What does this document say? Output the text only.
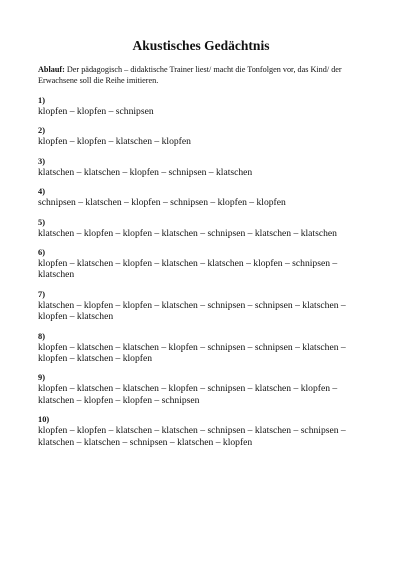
Akustisches Gedächtnis

Ablauf: Der pädagogisch – didaktische Trainer liest/ macht die Tonfolgen vor, das Kind/ der Erwachsene soll die Reihe imitieren.

1)
klopfen – klopfen – schnipsen
2)
klopfen – klopfen – klatschen – klopfen
3)
klatschen – klatschen – klopfen – schnipsen – klatschen
4)
schnipsen – klatschen – klopfen – schnipsen – klopfen – klopfen
5)
klatschen – klopfen – klopfen – klatschen – schnipsen – klatschen – klatschen
6)
klopfen – klatschen – klopfen – klatschen – klatschen – klopfen – schnipsen – klatschen
7)
klatschen – klopfen – klopfen – klatschen – schnipsen – schnipsen – klatschen – klopfen – klatschen
8)
klopfen – klatschen – klatschen – klopfen – schnipsen – schnipsen – klatschen – klopfen – klatschen – klopfen
9)
klopfen – klatschen – klatschen – klopfen – schnipsen – klatschen – klopfen – klatschen – klopfen – klopfen – schnipsen
10)
klopfen – klopfen – klatschen – klatschen – schnipsen – klatschen – schnipsen – klatschen – klatschen – schnipsen – klatschen – klopfen
